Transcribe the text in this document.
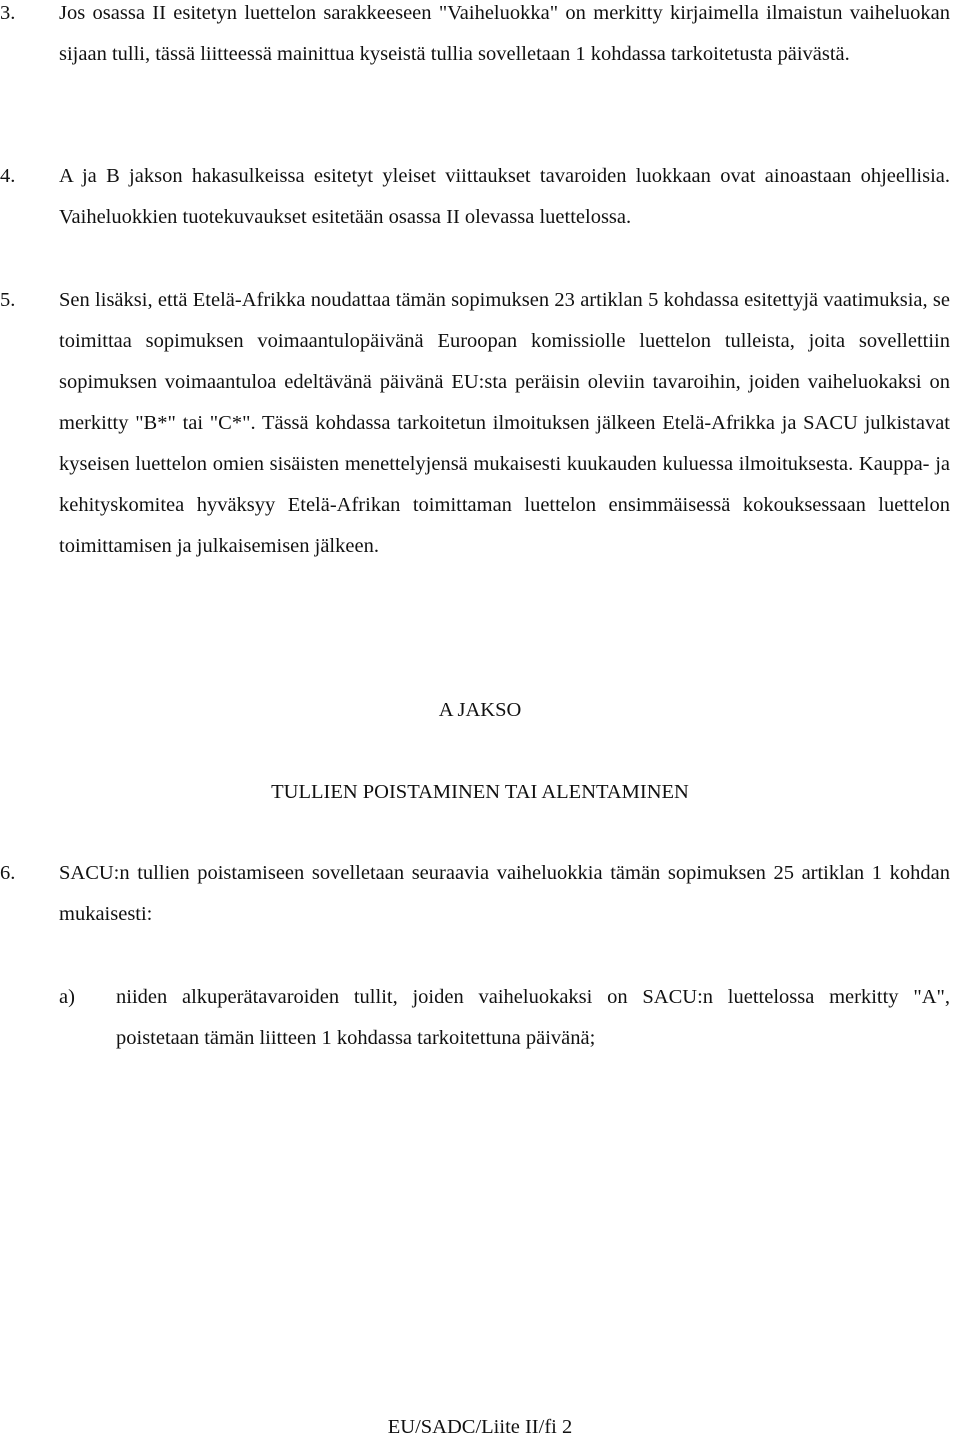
3. Jos osassa II esitetyn luettelon sarakkeeseen "Vaiheluokka" on merkitty kirjaimella ilmaistun vaiheluokan sijaan tulli, tässä liitteessä mainittua kyseistä tullia sovelletaan 1 kohdassa tarkoitetusta päivästä.
4. A ja B jakson hakasulkeissa esitetyt yleiset viittaukset tavaroiden luokkaan ovat ainoastaan ohjeellisia. Vaiheluokkien tuotekuvaukset esitetään osassa II olevassa luettelossa.
5. Sen lisäksi, että Etelä-Afrikka noudattaa tämän sopimuksen 23 artiklan 5 kohdassa esitettyjä vaatimuksia, se toimittaa sopimuksen voimaantulopäivänä Euroopan komissiolle luettelon tulleista, joita sovellettiin sopimuksen voimaantuloa edeltävänä päivänä EU:sta peräisin oleviin tavaroihin, joiden vaiheluokaksi on merkitty "B*" tai "C*". Tässä kohdassa tarkoitetun ilmoituksen jälkeen Etelä-Afrikka ja SACU julkistavat kyseisen luettelon omien sisäisten menettelyjensä mukaisesti kuukauden kuluessa ilmoituksesta. Kauppa- ja kehityskomitea hyväksyy Etelä-Afrikan toimittaman luettelon ensimmäisessä kokouksessaan luettelon toimittamisen ja julkaisemisen jälkeen.
A JAKSO
TULLIEN POISTAMINEN TAI ALENTAMINEN
6. SACU:n tullien poistamiseen sovelletaan seuraavia vaiheluokkia tämän sopimuksen 25 artiklan 1 kohdan mukaisesti:
a) niiden alkuperätavaroiden tullit, joiden vaiheluokaksi on SACU:n luettelossa merkitty "A", poistetaan tämän liitteen 1 kohdassa tarkoitettuna päivänä;
EU/SADC/Liite II/fi 2
